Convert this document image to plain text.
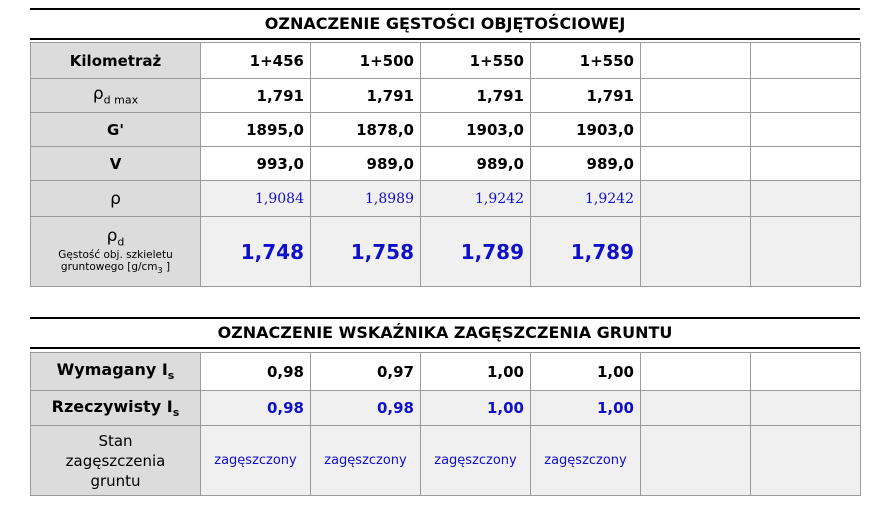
OZNACZENIE GĘSTOŚCI OBJĘTOŚCIOWEJ
Kilometraż	1+456	1+500	1+550	1+550		
$\rho_{d max}$	1,791	1,791	1,791	1,791		
G'	1895,0	1878,0	1903,0	1903,0		
V	993,0	989,0	989,0	989,0		
ρ	1,9084	1,8989	1,9242	1,9242		
$\rho_d$
Gęstość obj. szkieletu gruntowego [$g/cm_3$ ]	1,748	1,758	1,789	1,789		
OZNACZENIE WSKAŹNIKA ZAGĘSZCZENIA GRUNTU
Wymagany $I_s$	0,98	0,97	1,00	1,00		
Rzeczywisty $I_s$	0,98	0,98	1,00	1,00		

Stan zagęszczenia gruntu	zagęszczony	zagęszczony	zagęszczony	zagęszczony		
